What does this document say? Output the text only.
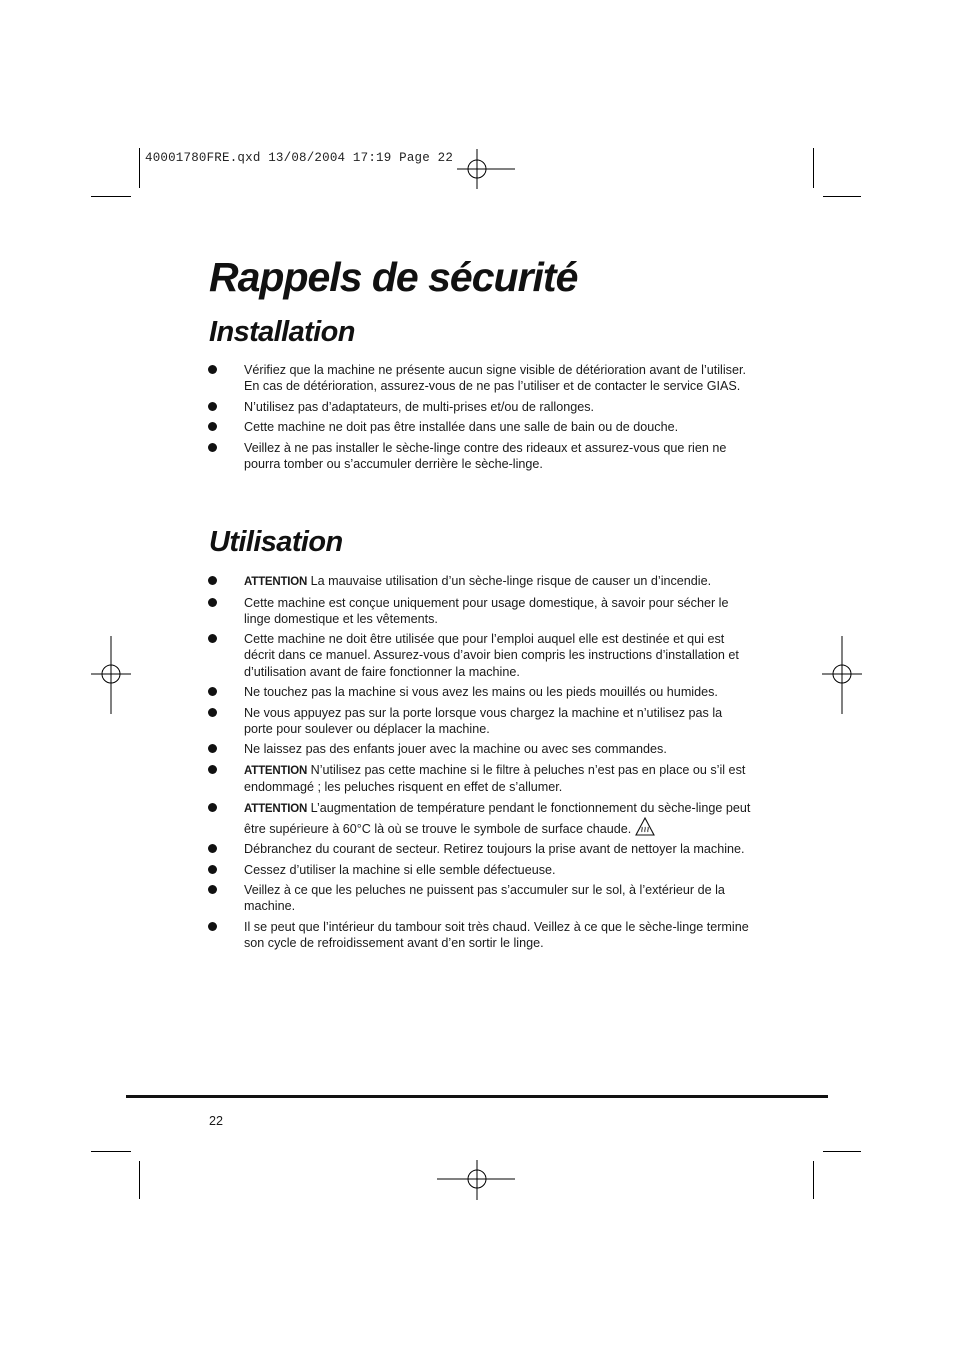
40001780FRE.qxd 13/08/2004 17:19 Page 22
Rappels de sécurité
Installation
Vérifiez que la machine ne présente aucun signe visible de détérioration avant de l’utiliser. En cas de détérioration, assurez-vous de ne pas l’utiliser et de contacter le service GIAS.
N’utilisez pas d’adaptateurs, de multi-prises et/ou de rallonges.
Cette machine ne doit pas être installée dans une salle de bain ou de douche.
Veillez à ne pas installer le sèche-linge contre des rideaux et assurez-vous que rien ne pourra tomber ou s’accumuler derrière le sèche-linge.
Utilisation
ATTENTION La mauvaise utilisation d’un sèche-linge risque de causer un d’incendie.
Cette machine est conçue uniquement pour usage domestique, à savoir pour sécher le linge domestique et les vêtements.
Cette machine ne doit être utilisée que pour l’emploi auquel elle est destinée et qui est décrit dans ce manuel. Assurez-vous d’avoir bien compris les instructions d’installation et d’utilisation avant de faire fonctionner la machine.
Ne touchez pas la machine si vous avez les mains ou les pieds mouillés ou humides.
Ne vous appuyez pas sur la porte lorsque vous chargez la machine et n’utilisez pas la porte pour soulever ou déplacer la machine.
Ne laissez pas des enfants jouer avec la machine ou avec ses commandes.
ATTENTION N’utilisez pas cette machine si le filtre à peluches n’est pas en place ou s’il est endommagé ; les peluches risquent en effet de s’allumer.
ATTENTION L’augmentation de température pendant le fonctionnement du sèche-linge peut être supérieure à 60°C là où se trouve le symbole de surface chaude.
Débranchez du courant de secteur. Retirez toujours la prise avant de nettoyer la machine.
Cessez d’utiliser la machine si elle semble défectueuse.
Veillez à ce que les peluches ne puissent pas s’accumuler sur le sol, à l’extérieur de la machine.
Il se peut que l’intérieur du tambour soit très chaud. Veillez à ce que le sèche-linge termine son cycle de refroidissement avant d’en sortir le linge.
22
